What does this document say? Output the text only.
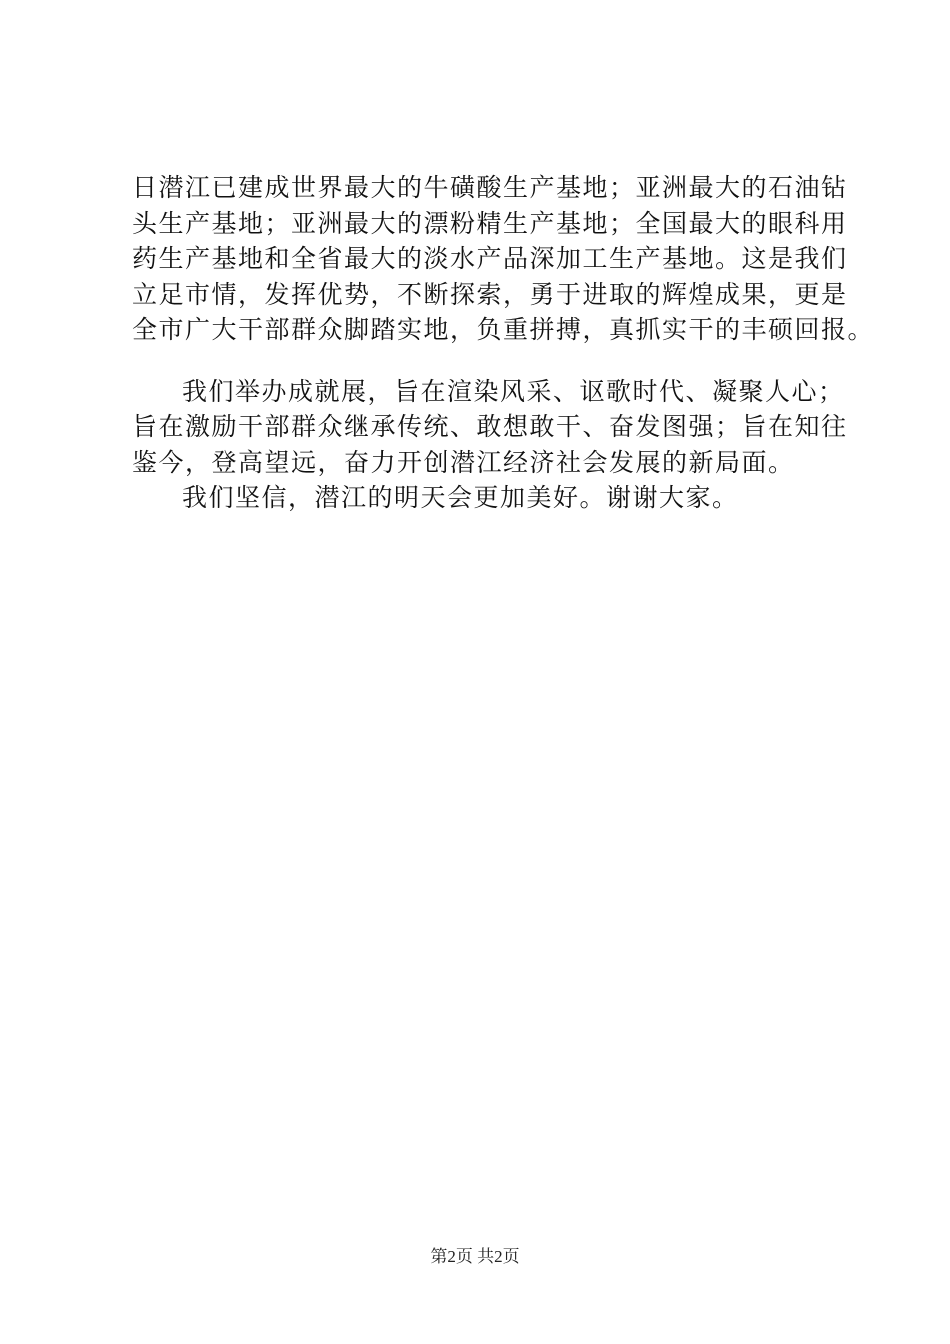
日潜江已建成世界最大的牛磺酸生产基地；亚洲最大的石油钻
头生产基地；亚洲最大的漂粉精生产基地；全国最大的眼科用
药生产基地和全省最大的淡水产品深加工生产基地。这是我们
立足市情，发挥优势，不断探索，勇于进取的辉煌成果，更是
全市广大干部群众脚踏实地，负重拼搏，真抓实干的丰硕回报。
我们举办成就展，旨在渲染风采、讴歌时代、凝聚人心；
旨在激励干部群众继承传统、敢想敢干、奋发图强；旨在知往
鉴今，登高望远，奋力开创潜江经济社会发展的新局面。
我们坚信，潜江的明天会更加美好。谢谢大家。
第2页 共2页
